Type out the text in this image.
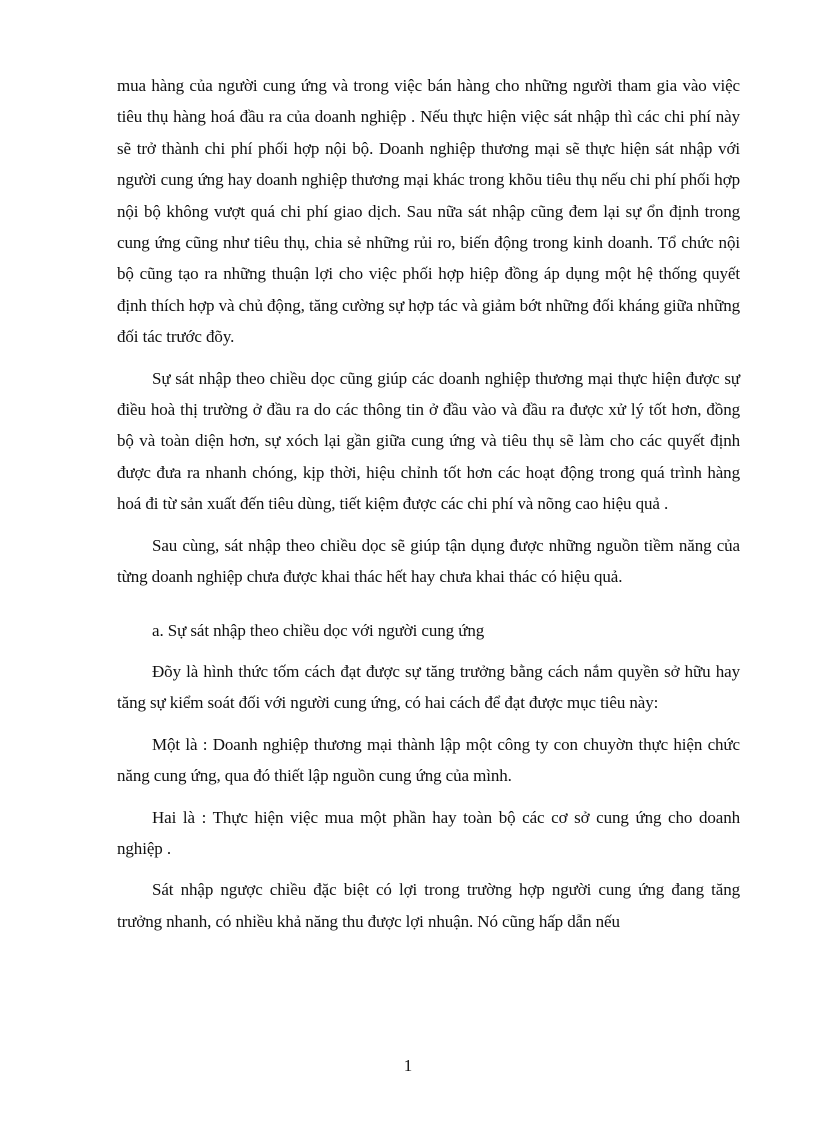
mua hàng của người cung ứng và trong việc bán hàng cho những người tham gia vào việc tiêu thụ hàng hoá đầu ra của doanh nghiệp . Nếu thực hiện việc sát nhập thì các chi phí này sẽ trở thành chi phí phối hợp nội bộ. Doanh nghiệp thương mại sẽ thực hiện sát nhập với người cung ứng hay doanh nghiệp thương mại khác trong khõu tiêu thụ nếu chi phí phối hợp nội bộ không vượt quá chi phí giao dịch. Sau nữa sát nhập cũng đem lại sự ổn định trong cung ứng cũng như tiêu thụ, chia sẻ những rủi ro, biến động trong kinh doanh. Tổ chức nội bộ cũng tạo ra những thuận lợi cho việc phối hợp hiệp đồng áp dụng một hệ thống quyết định thích hợp và chủ động, tăng cường sự hợp tác và giảm bớt những đối kháng giữa những đối tác trước đõy.

Sự sát nhập theo chiều dọc cũng giúp các doanh nghiệp thương mại thực hiện được sự điều hoà thị trường ở đầu ra do các thông tin ở đầu vào và đầu ra được xử lý tốt hơn, đồng bộ và toàn diện hơn, sự xóch lại gần giữa cung ứng và tiêu thụ sẽ làm cho các quyết định được đưa ra nhanh chóng, kịp thời, hiệu chỉnh tốt hơn các hoạt động trong quá trình hàng hoá đi từ sản xuất đến tiêu dùng, tiết kiệm được các chi phí và nõng cao hiệu quả .

Sau cùng, sát nhập theo chiều dọc sẽ giúp tận dụng được những nguồn tiềm năng của từng doanh nghiệp chưa được khai thác hết hay chưa khai thác có hiệu quả.

a. Sự sát nhập theo chiều dọc với người cung ứng

Đõy là hình thức tốm cách đạt được sự tăng trưởng bằng cách nắm quyền sở hữu hay tăng sự kiểm soát đối với người cung ứng, có hai cách để đạt được mục tiêu này:

Một là : Doanh nghiệp thương mại thành lập một công ty con chuyờn thực hiện chức năng cung ứng, qua đó thiết lập nguồn cung ứng của mình.

Hai là : Thực hiện việc mua một phần hay toàn bộ các cơ sở cung ứng cho doanh nghiệp .

Sát nhập ngược chiều đặc biệt có lợi trong trường hợp người cung ứng đang tăng trưởng nhanh, có nhiều khả năng thu được lợi nhuận. Nó cũng hấp dẫn nếu

1
